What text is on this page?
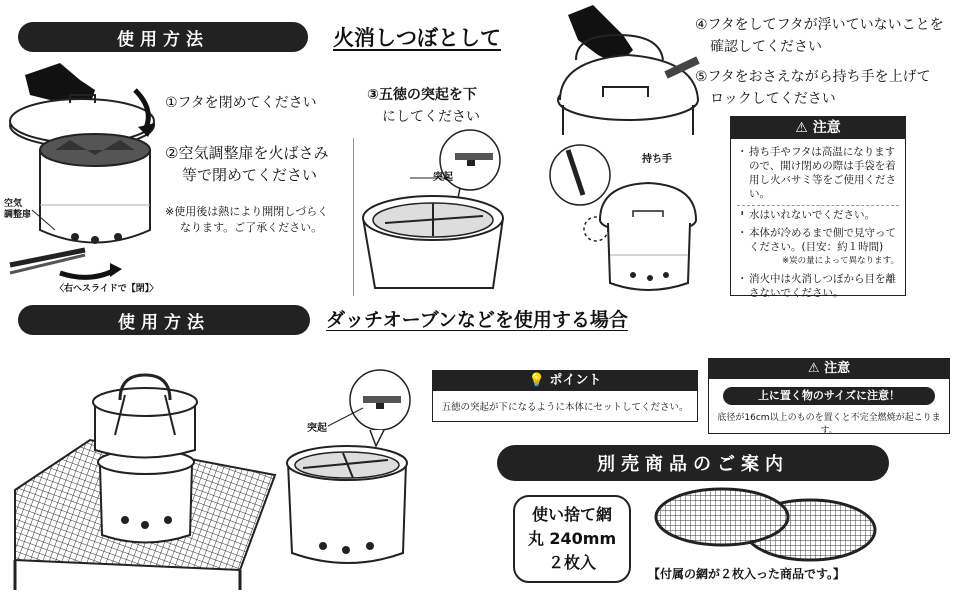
使用方法	火消しつぼとして
空気
調整扉
〈右へスライドで【閉】〉
①フタを閉めてください
②空気調整扉を火ばさみ
等で閉めてください
※使用後は熱により開閉しづらく
なります。ご了承ください。
③五徳の突起を下
にしてください
突起
持ち手
④フタをしてフタが浮いていないことを
確認してください
⑤フタをおさえながら持ち手を上げて
ロックしてください
⚠ 注意
・ 持ち手やフタは高温になりますので、開け閉めの際は手袋を着用し火バサミ等をご使用ください。
・
・ 水はいれないでください。
・ 本体が冷めるまで側で見守ってください。(目安：約１時間)
※炭の量によって異なります。
・ 消火中は火消しつぼから目を離さないでください。
使用方法	ダッチオーブンなどを使用する場合
突起
💡 ポイント
五徳の突起が下になるように本体にセットしてください。
⚠ 注意
上に置く物のサイズに注意！
底径が16cm以上のものを置くと不完全燃焼が起こります。
別売商品のご案内
使い捨て網
丸 240mm
２枚入
【付属の網が２枚入った商品です。】
